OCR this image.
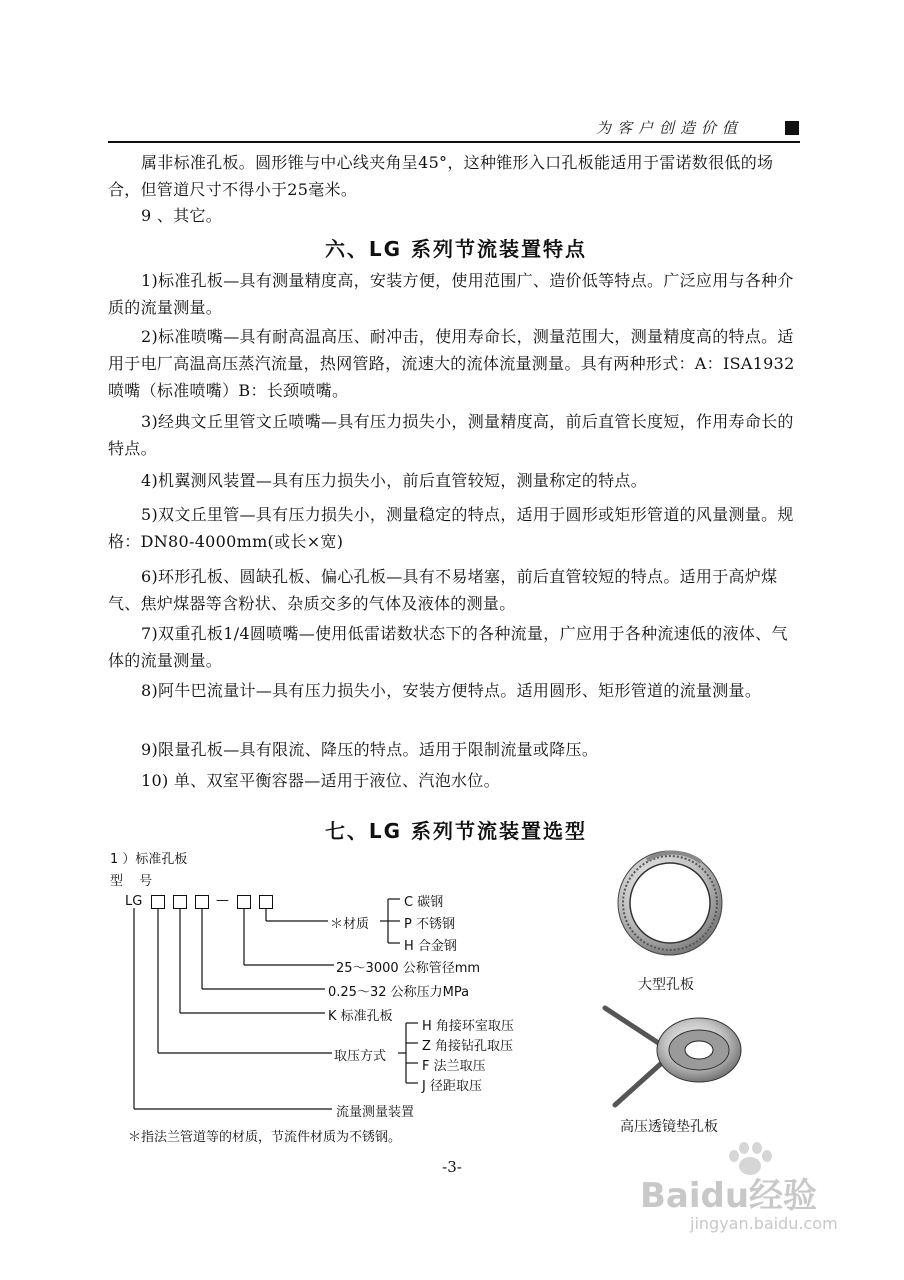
为客户创造价值

属非标准孔板。圆形锥与中心线夹角呈45°，这种锥形入口孔板能适用于雷诺数很低的场合，但管道尺寸不得小于25毫米。

9 、其它。

六、LG 系列节流装置特点

1)标准孔板—具有测量精度高，安装方便，使用范围广、造价低等特点。广泛应用与各种介质的流量测量。

2)标准喷嘴—具有耐高温高压、耐冲击，使用寿命长，测量范围大，测量精度高的特点。适用于电厂高温高压蒸汽流量，热网管路，流速大的流体流量测量。具有两种形式：A：ISA1932 喷嘴（标准喷嘴）B：长颈喷嘴。

3)经典文丘里管文丘喷嘴—具有压力损失小，测量精度高，前后直管长度短，作用寿命长的特点。

4)机翼测风装置—具有压力损失小，前后直管较短，测量称定的特点。

5)双文丘里管—具有压力损失小，测量稳定的特点，适用于圆形或矩形管道的风量测量。规格：DN80-4000mm(或长×宽)

6)环形孔板、圆缺孔板、偏心孔板—具有不易堵塞，前后直管较短的特点。适用于高炉煤气、焦炉煤器等含粉状、杂质交多的气体及液体的测量。

7)双重孔板1/4圆喷嘴—使用低雷诺数状态下的各种流量，广应用于各种流速低的液体、气体的流量测量。

8)阿牛巴流量计—具有压力损失小，安装方便特点。适用圆形、矩形管道的流量测量。

9)限量孔板—具有限流、降压的特点。适用于限制流量或降压。

10) 单、双室平衡容器—适用于液位、汽泡水位。

七、LG 系列节流装置选型
1 ）标准孔板
型 号
LG	—
＊材质
C 碳钢
P 不锈钢
H 合金钢
25～3000 公称管径mm
0.25～32 公称压力MPa
K 标准孔板
取压方式
H 角接环室取压
Z 角接钻孔取压
F 法兰取压
J 径距取压
流量测量装置
＊指法兰管道等的材质，节流件材质为不锈钢。
大型孔板
高压透镜垫孔板
-3-
Baidu经验
jingyan.baidu.com
